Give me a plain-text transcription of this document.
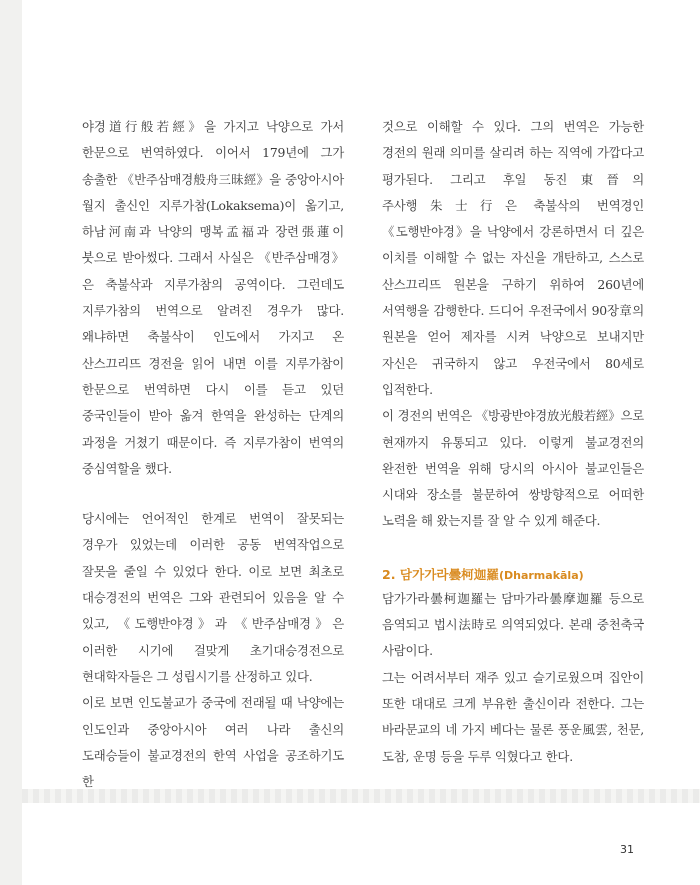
야경道行般若經》을 가지고 낙양으로 가서 한문으로 번역하였다. 이어서 179년에 그가 송출한 《반주삼매경般舟三昧經》을 중앙아시아 월지 출신인 지루가참(Lokaksema)이 옮기고, 하남河南과 낙양의 맹복孟福과 장련張蓮이 붓으로 받아썼다. 그래서 사실은 《반주삼매경》은 축불삭과 지루가참의 공역이다. 그런데도 지루가참의 번역으로 알려진 경우가 많다. 왜냐하면 축불삭이 인도에서 가지고 온 산스끄리뜨 경전을 읽어 내면 이를 지루가참이 한문으로 번역하면 다시 이를 듣고 있던 중국인들이 받아 옮겨 한역을 완성하는 단계의 과정을 거쳤기 때문이다. 즉 지루가참이 번역의 중심역할을 했다.

당시에는 언어적인 한계로 번역이 잘못되는 경우가 있었는데 이러한 공동 번역작업으로 잘못을 줄일 수 있었다 한다. 이로 보면 최초로 대승경전의 번역은 그와 관련되어 있음을 알 수 있고, 《도행반야경》과 《반주삼매경》은 이러한 시기에 걸맞게 초기대승경전으로 현대학자들은 그 성립시기를 산정하고 있다.

이로 보면 인도불교가 중국에 전래될 때 낙양에는 인도인과 중앙아시아 여러 나라 출신의 도래승들이 불교경전의 한역 사업을 공조하기도 한

것으로 이해할 수 있다. 그의 번역은 가능한 경전의 원래 의미를 살리려 하는 직역에 가깝다고 평가된다. 그리고 후일 동진東晉의 주사행朱士行은 축불삭의 번역경인 《도행반야경》을 낙양에서 강론하면서 더 깊은 이치를 이해할 수 없는 자신을 개탄하고, 스스로 산스끄리뜨 원본을 구하기 위하여 260년에 서역행을 감행한다. 드디어 우전국에서 90장章의 원본을 얻어 제자를 시켜 낙양으로 보내지만 자신은 귀국하지 않고 우전국에서 80세로 입적한다.

이 경전의 번역은 《방광반야경放光般若經》으로 현재까지 유통되고 있다. 이렇게 불교경전의 완전한 번역을 위해 당시의 아시아 불교인들은 시대와 장소를 불문하여 쌍방향적으로 어떠한 노력을 해 왔는지를 잘 알 수 있게 해준다.

2. 담가가라曇柯迦羅(Dharmakāla)

담가가라曇柯迦羅는 담마가라曇摩迦羅 등으로 음역되고 법시法時로 의역되었다. 본래 중천축국 사람이다.

그는 어려서부터 재주 있고 슬기로웠으며 집안이 또한 대대로 크게 부유한 출신이라 전한다. 그는 바라문교의 네 가지 베다는 물론 풍운風雲, 천문, 도참, 운명 등을 두루 익혔다고 한다.

31
